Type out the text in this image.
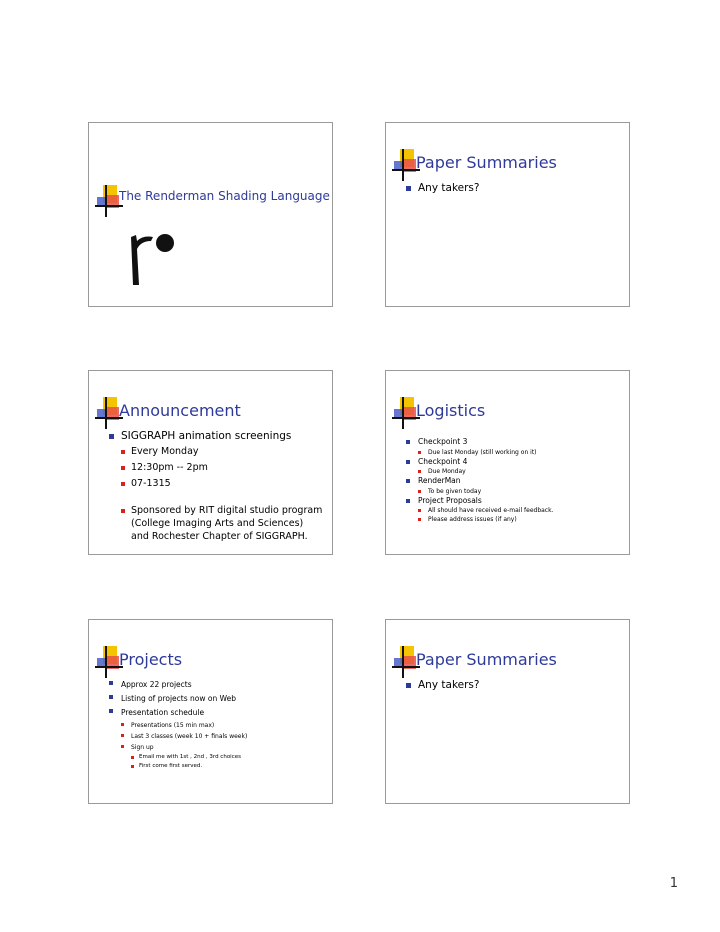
The Renderman Shading Language
Paper Summaries
Any takers?
Announcement
SIGGRAPH animation screenings
Every Monday
12:30pm -- 2pm
07-1315
Sponsored by RIT digital studio program (College Imaging Arts and Sciences) and Rochester Chapter of SIGGRAPH.
Logistics
Checkpoint 3
Due last Monday (still working on it)
Checkpoint 4
Due Monday
RenderMan
To be given today
Project Proposals
All should have received e-mail feedback.
Please address issues (if any)
Projects
Approx 22 projects
Listing of projects now on Web
Presentation schedule
Presentations (15 min max)
Last 3 classes (week 10 + finals week)
Sign up
Email me with 1st , 2nd , 3rd choices
First come first served.
Paper Summaries
Any takers?
1
